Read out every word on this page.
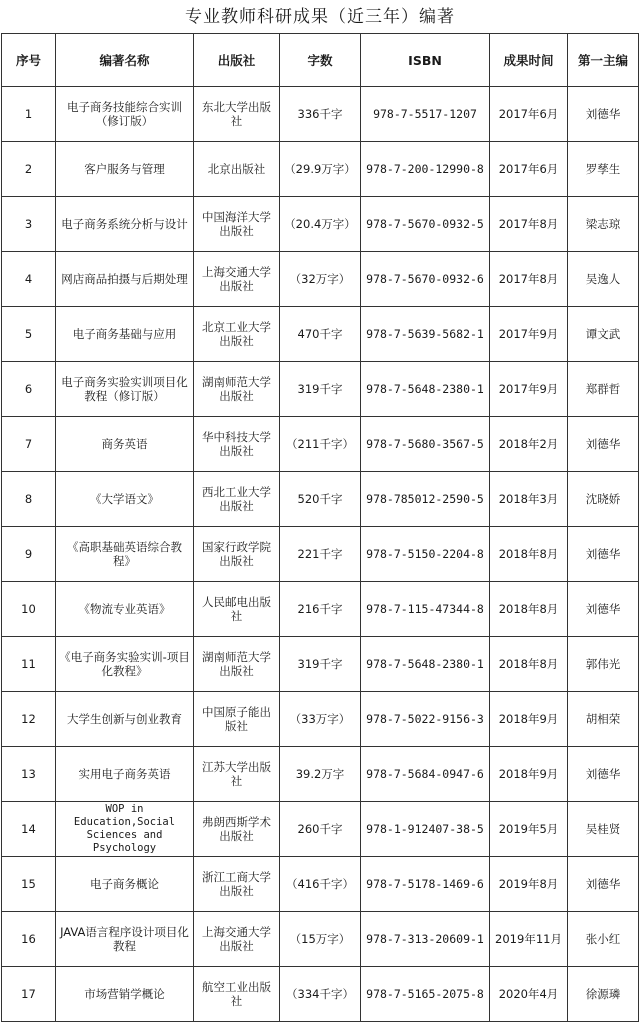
专业教师科研成果（近三年）编著
序号	编著名称	出版社	字数	ISBN	成果时间	第一主编
1	电子商务技能综合实训（修订版）	东北大学出版社	336千字	978-7-5517-1207	2017年6月	刘德华
2	客户服务与管理	北京出版社	（29.9万字）	978-7-200-12990-8	2017年6月	罗孳生
3	电子商务系统分析与设计	中国海洋大学出版社	（20.4万字）	978-7-5670-0932-5	2017年8月	梁志琼
4	网店商品拍摄与后期处理	上海交通大学出版社	（32万字）	978-7-5670-0932-6	2017年8月	吴逸人
5	电子商务基础与应用	北京工业大学出版社	470千字	978-7-5639-5682-1	2017年9月	谭文武
6	电子商务实验实训项目化教程（修订版）	湖南师范大学出版社	319千字	978-7-5648-2380-1	2017年9月	郑群哲
7	商务英语	华中科技大学出版社	（211千字）	978-7-5680-3567-5	2018年2月	刘德华
8	《大学语文》	西北工业大学出版社	520千字	978-785012-2590-5	2018年3月	沈晓娇
9	《高职基础英语综合教程》	国家行政学院出版社	221千字	978-7-5150-2204-8	2018年8月	刘德华
10	《物流专业英语》	人民邮电出版社	216千字	978-7-115-47344-8	2018年8月	刘德华
11	《电子商务实验实训-项目化教程》	湖南师范大学出版社	319千字	978-7-5648-2380-1	2018年8月	郭伟光
12	大学生创新与创业教育	中国原子能出版社	（33万字）	978-7-5022-9156-3	2018年9月	胡相荣
13	实用电子商务英语	江苏大学出版社	39.2万字	978-7-5684-0947-6	2018年9月	刘德华
14	WOP in Education,Social Sciences and Psychology	弗朗西斯学术出版社	260千字	978-1-912407-38-5	2019年5月	吴桂贤
15	电子商务概论	浙江工商大学出版社	（416千字）	978-7-5178-1469-6	2019年8月	刘德华
16	JAVA语言程序设计项目化教程	上海交通大学出版社	（15万字）	978-7-313-20609-1	2019年11月	张小红
17	市场营销学概论	航空工业出版社	（334千字）	978-7-5165-2075-8	2020年4月	徐源璘
